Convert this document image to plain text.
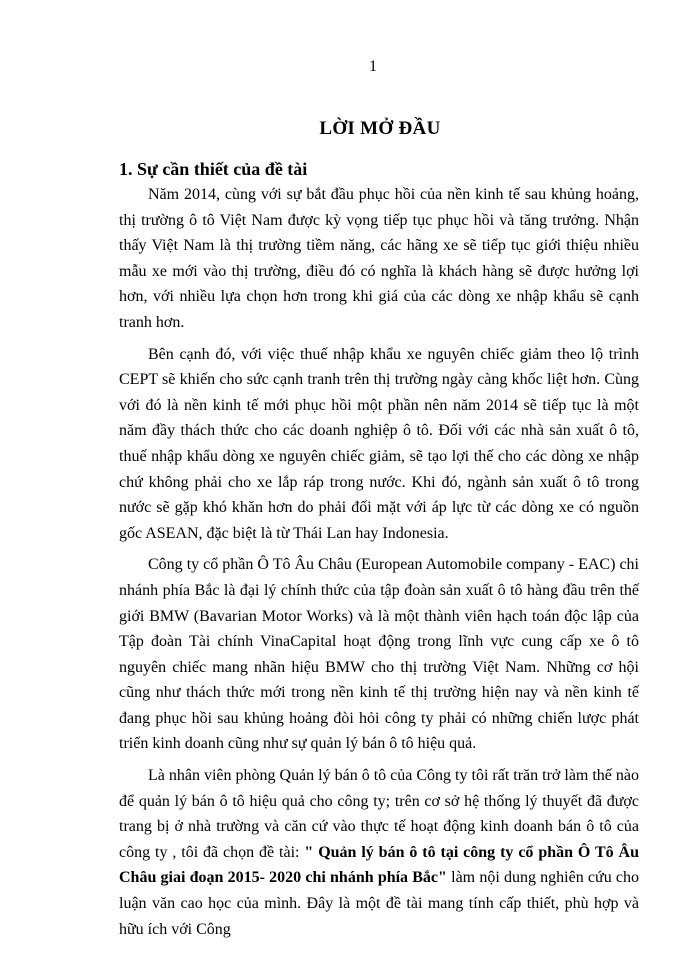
1
LỜI MỞ ĐẦU
1. Sự cần thiết của đề tài

Năm 2014, cùng với sự bắt đầu phục hồi của nền kinh tế sau khủng hoảng, thị trường ô tô Việt Nam được kỳ vọng tiếp tục phục hồi và tăng trưởng. Nhận thấy Việt Nam là thị trường tiềm năng, các hãng xe sẽ tiếp tục giới thiệu nhiều mẫu xe mới vào thị trường, điều đó có nghĩa là khách hàng sẽ được hưởng lợi hơn, với nhiều lựa chọn hơn trong khi giá của các dòng xe nhập khẩu sẽ cạnh tranh hơn.

Bên cạnh đó, với việc thuế nhập khẩu xe nguyên chiếc giảm theo lộ trình CEPT sẽ khiến cho sức cạnh tranh trên thị trường ngày càng khốc liệt hơn. Cùng với đó là nền kinh tế mới phục hồi một phần nên năm 2014 sẽ tiếp tục là một năm đầy thách thức cho các doanh nghiệp ô tô. Đối với các nhà sản xuất ô tô, thuế nhập khẩu dòng xe nguyên chiếc giảm, sẽ tạo lợi thế cho các dòng xe nhập chứ không phải cho xe lắp ráp trong nước. Khi đó, ngành sản xuất ô tô trong nước sẽ gặp khó khăn hơn do phải đối mặt với áp lực từ các dòng xe có nguồn gốc ASEAN, đặc biệt là từ Thái Lan hay Indonesia.

Công ty cổ phần Ô Tô Âu Châu (European Automobile company - EAC) chi nhánh phía Bắc là đại lý chính thức của tập đoàn sản xuất ô tô hàng đầu trên thế giới BMW (Bavarian Motor Works) và là một thành viên hạch toán độc lập của Tập đoàn Tài chính VinaCapital hoạt động trong lĩnh vực cung cấp xe ô tô nguyên chiếc mang nhãn hiệu BMW cho thị trường Việt Nam. Những cơ hội cũng như thách thức mới trong nền kinh tế thị trường hiện nay và nền kinh tế đang phục hồi sau khủng hoảng đòi hỏi công ty phải có những chiến lược phát triển kinh doanh cũng như sự quản lý bán ô tô hiệu quả.

Là nhân viên phòng Quản lý bán ô tô của Công ty tôi rất trăn trở làm thế nào để quản lý bán ô tô hiệu quả cho công ty; trên cơ sở hệ thống lý thuyết đã được trang bị ở nhà trường và căn cứ vào thực tế hoạt động kinh doanh bán ô tô của công ty , tôi đã chọn đề tài: " Quản lý bán ô tô tại công ty cổ phần Ô Tô Âu Châu giai đoạn 2015- 2020 chi nhánh phía Bắc" làm nội dung nghiên cứu cho luận văn cao học của mình. Đây là một đề tài mang tính cấp thiết, phù hợp và hữu ích với Công
